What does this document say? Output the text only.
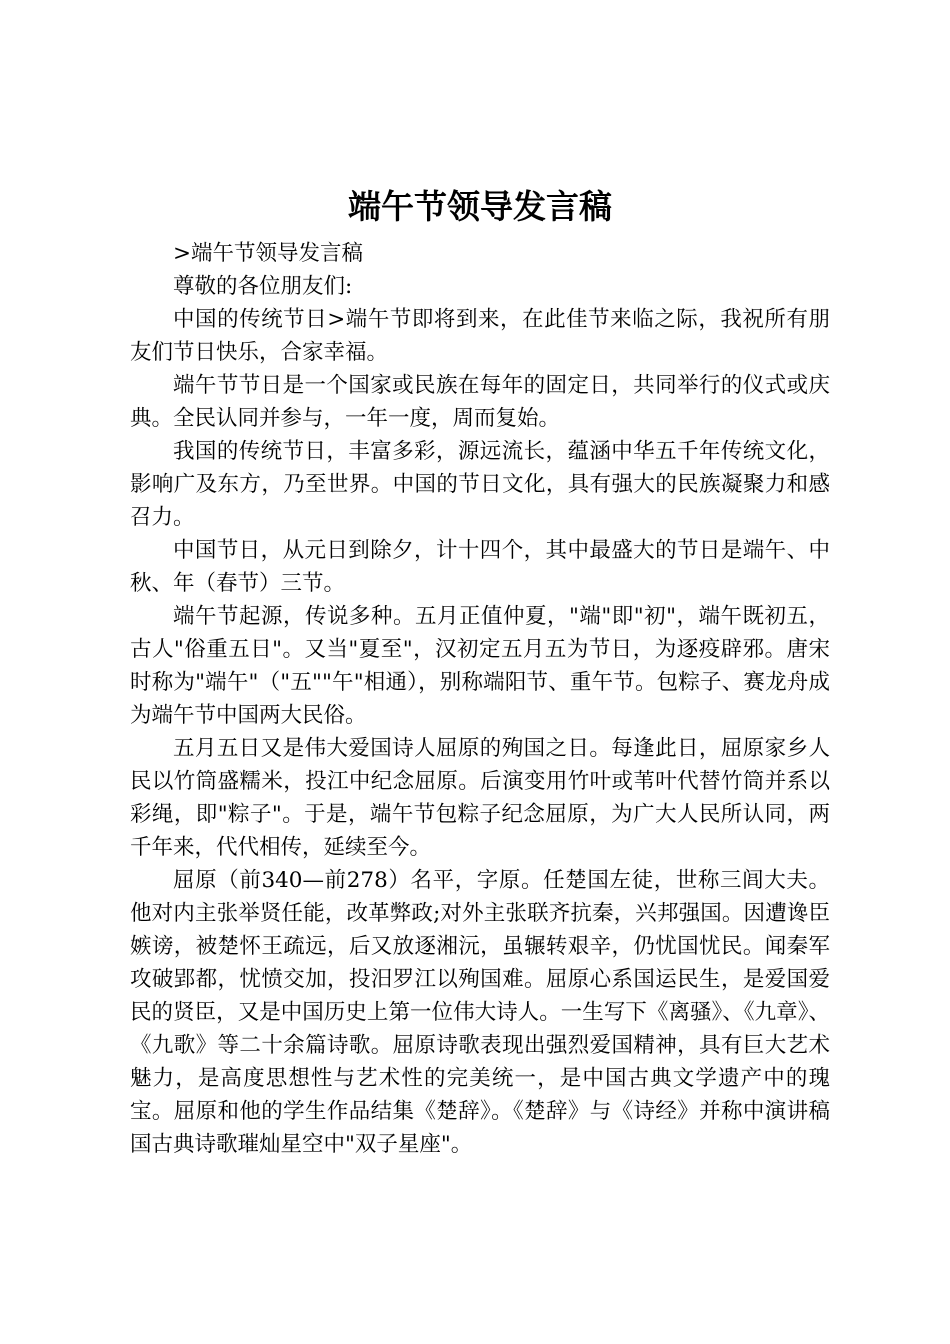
端午节领导发言稿

>端午节领导发言稿

尊敬的各位朋友们:

中国的传统节日>端午节即将到来，在此佳节来临之际，我祝所有朋友们节日快乐，合家幸福。

端午节节日是一个国家或民族在每年的固定日，共同举行的仪式或庆典。全民认同并参与，一年一度，周而复始。

我国的传统节日，丰富多彩，源远流长，蕴涵中华五千年传统文化，影响广及东方，乃至世界。中国的节日文化，具有强大的民族凝聚力和感召力。

中国节日，从元日到除夕，计十四个，其中最盛大的节日是端午、中秋、年（春节）三节。

端午节起源，传说多种。五月正值仲夏，"端"即"初"，端午既初五，古人"俗重五日"。又当"夏至"，汉初定五月五为节日，为逐疫辟邪。唐宋时称为"端午"（"五""午"相通），别称端阳节、重午节。包粽子、赛龙舟成为端午节中国两大民俗。

五月五日又是伟大爱国诗人屈原的殉国之日。每逢此日，屈原家乡人民以竹筒盛糯米，投江中纪念屈原。后演变用竹叶或苇叶代替竹筒并系以彩绳，即"粽子"。于是，端午节包粽子纪念屈原，为广大人民所认同，两千年来，代代相传，延续至今。

屈原（前340—前278）名平，字原。任楚国左徒，世称三闾大夫。他对内主张举贤任能，改革弊政;对外主张联齐抗秦，兴邦强国。因遭谗臣嫉谤，被楚怀王疏远，后又放逐湘沅，虽辗转艰辛，仍忧国忧民。闻秦军攻破郢都，忧愤交加，投汨罗江以殉国难。屈原心系国运民生，是爱国爱民的贤臣，又是中国历史上第一位伟大诗人。一生写下《离骚》、《九章》、《九歌》等二十余篇诗歌。屈原诗歌表现出强烈爱国精神，具有巨大艺术魅力，是高度思想性与艺术性的完美统一，是中国古典文学遗产中的瑰宝。屈原和他的学生作品结集《楚辞》。《楚辞》与《诗经》并称中演讲稿国古典诗歌璀灿星空中"双子星座"。
